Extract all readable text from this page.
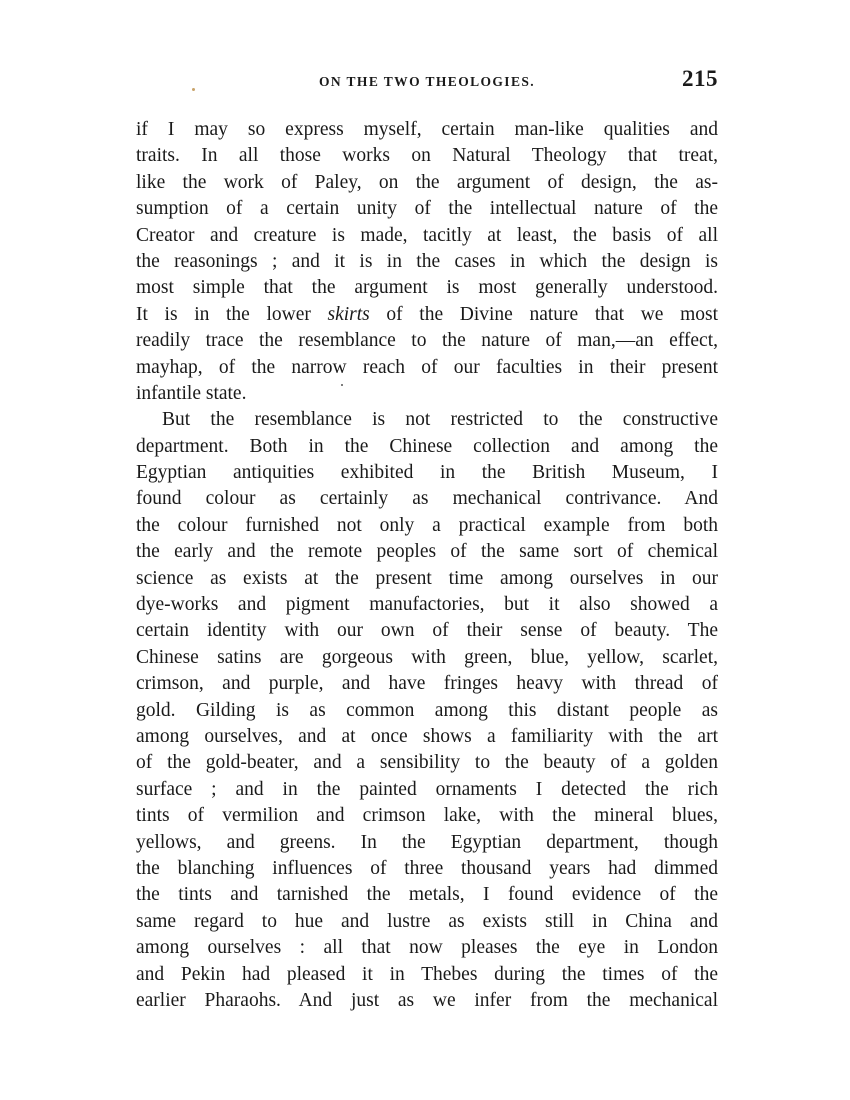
ON THE TWO THEOLOGIES.	215
if I may so express myself, certain man-like qualities and
traits. In all those works on Natural Theology that treat,
like the work of Paley, on the argument of design, the as-
sumption of a certain unity of the intellectual nature of the
Creator and creature is made, tacitly at least, the basis of all
the reasonings ; and it is in the cases in which the design is
most simple that the argument is most generally understood.
It is in the lower skirts of the Divine nature that we most
readily trace the resemblance to the nature of man,—an effect,
mayhap, of the narrow reach of our faculties in their present
infantile state.
But the resemblance is not restricted to the constructive
department. Both in the Chinese collection and among the
Egyptian antiquities exhibited in the British Museum, I
found colour as certainly as mechanical contrivance. And
the colour furnished not only a practical example from both
the early and the remote peoples of the same sort of chemical
science as exists at the present time among ourselves in our
dye-works and pigment manufactories, but it also showed a
certain identity with our own of their sense of beauty. The
Chinese satins are gorgeous with green, blue, yellow, scarlet,
crimson, and purple, and have fringes heavy with thread of
gold. Gilding is as common among this distant people as
among ourselves, and at once shows a familiarity with the art
of the gold-beater, and a sensibility to the beauty of a golden
surface ; and in the painted ornaments I detected the rich
tints of vermilion and crimson lake, with the mineral blues,
yellows, and greens. In the Egyptian department, though
the blanching influences of three thousand years had dimmed
the tints and tarnished the metals, I found evidence of the
same regard to hue and lustre as exists still in China and
among ourselves : all that now pleases the eye in London
and Pekin had pleased it in Thebes during the times of the
earlier Pharaohs. And just as we infer from the mechanical
